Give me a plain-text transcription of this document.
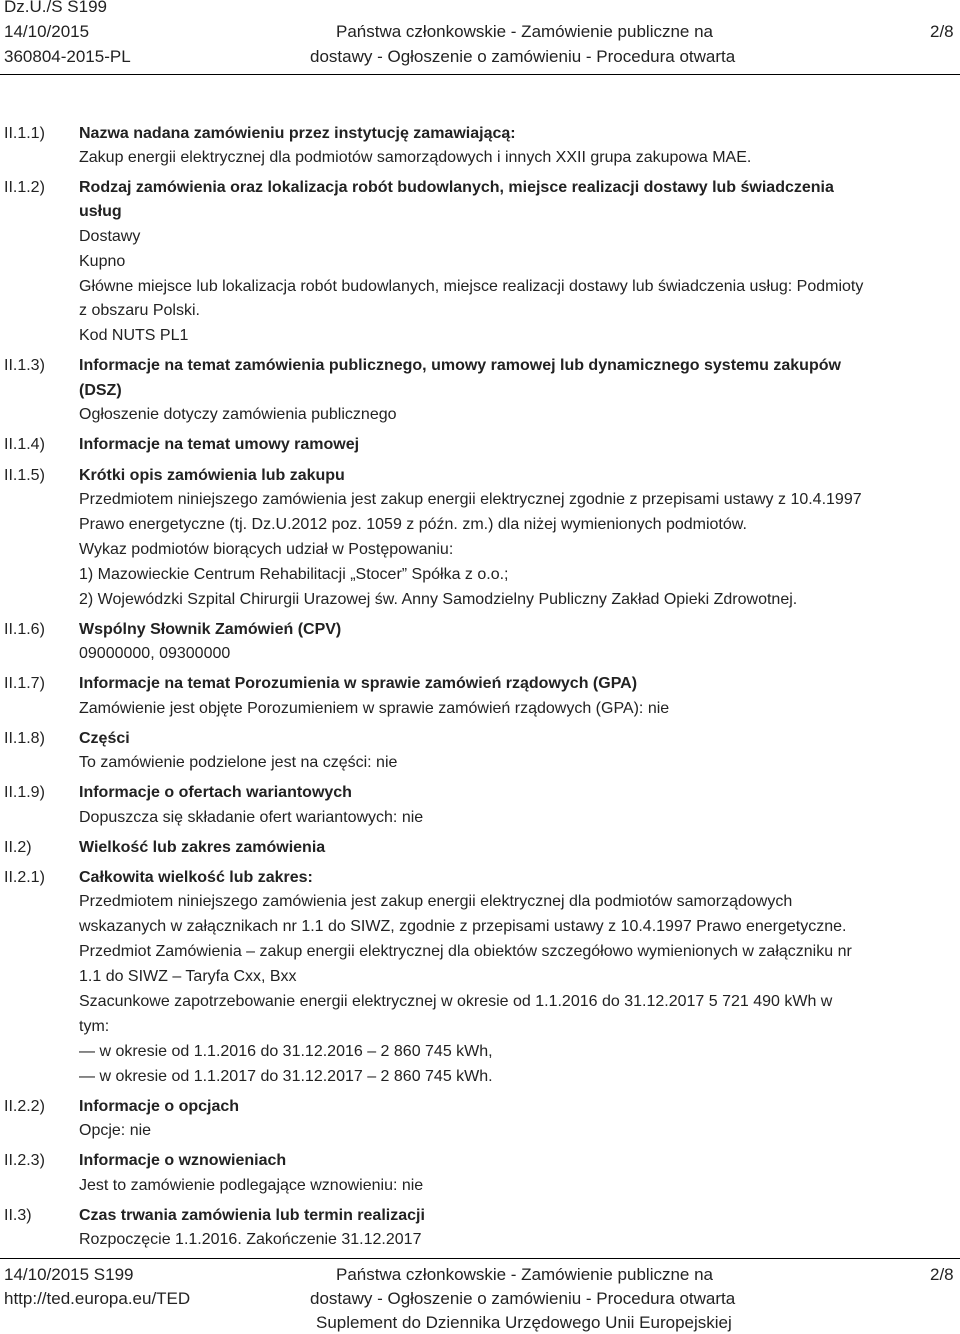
Dz.U./S S199
14/10/2015
360804-2015-PL
Państwa członkowskie - Zamówienie publiczne na
dostawy - Ogłoszenie o zamówieniu - Procedura otwarta
2/8
II.1.1) Nazwa nadana zamówieniu przez instytucję zamawiającą:
Zakup energii elektrycznej dla podmiotów samorządowych i innych XXII grupa zakupowa MAE.
II.1.2) Rodzaj zamówienia oraz lokalizacja robót budowlanych, miejsce realizacji dostawy lub świadczenia
usług
Dostawy
Kupno
Główne miejsce lub lokalizacja robót budowlanych, miejsce realizacji dostawy lub świadczenia usług: Podmioty
z obszaru Polski.
Kod NUTS PL1
II.1.3) Informacje na temat zamówienia publicznego, umowy ramowej lub dynamicznego systemu zakupów
(DSZ)
Ogłoszenie dotyczy zamówienia publicznego
II.1.4) Informacje na temat umowy ramowej
II.1.5) Krótki opis zamówienia lub zakupu
Przedmiotem niniejszego zamówienia jest zakup energii elektrycznej zgodnie z przepisami ustawy z 10.4.1997
Prawo energetyczne (tj. Dz.U.2012 poz. 1059 z późn. zm.) dla niżej wymienionych podmiotów.
Wykaz podmiotów biorących udział w Postępowaniu:
1) Mazowieckie Centrum Rehabilitacji „Stocer” Spółka z o.o.;
2) Wojewódzki Szpital Chirurgii Urazowej św. Anny Samodzielny Publiczny Zakład Opieki Zdrowotnej.
II.1.6) Wspólny Słownik Zamówień (CPV)
09000000, 09300000
II.1.7) Informacje na temat Porozumienia w sprawie zamówień rządowych (GPA)
Zamówienie jest objęte Porozumieniem w sprawie zamówień rządowych (GPA): nie
II.1.8) Części
To zamówienie podzielone jest na części: nie
II.1.9) Informacje o ofertach wariantowych
Dopuszcza się składanie ofert wariantowych: nie
II.2)	Wielkość lub zakres zamówienia
II.2.1) Całkowita wielkość lub zakres:
Przedmiotem niniejszego zamówienia jest zakup energii elektrycznej dla podmiotów samorządowych
wskazanych w załącznikach nr 1.1 do SIWZ, zgodnie z przepisami ustawy z 10.4.1997 Prawo energetyczne.
Przedmiot Zamówienia – zakup energii elektrycznej dla obiektów szczegółowo wymienionych w załączniku nr
1.1 do SIWZ – Taryfa Cxx, Bxx
Szacunkowe zapotrzebowanie energii elektrycznej w okresie od 1.1.2016 do 31.12.2017 5 721 490 kWh w
tym:
— w okresie od 1.1.2016 do 31.12.2016 – 2 860 745 kWh,
— w okresie od 1.1.2017 do 31.12.2017 – 2 860 745 kWh.
II.2.2) Informacje o opcjach
Opcje: nie
II.2.3) Informacje o wznowieniach
Jest to zamówienie podlegające wznowieniu: nie
II.3)	Czas trwania zamówienia lub termin realizacji
Rozpoczęcie 1.1.2016. Zakończenie 31.12.2017
14/10/2015 S199
http://ted.europa.eu/TED
Państwa członkowskie - Zamówienie publiczne na
dostawy - Ogłoszenie o zamówieniu - Procedura otwarta
Suplement do Dziennika Urzędowego Unii Europejskiej
2/8
